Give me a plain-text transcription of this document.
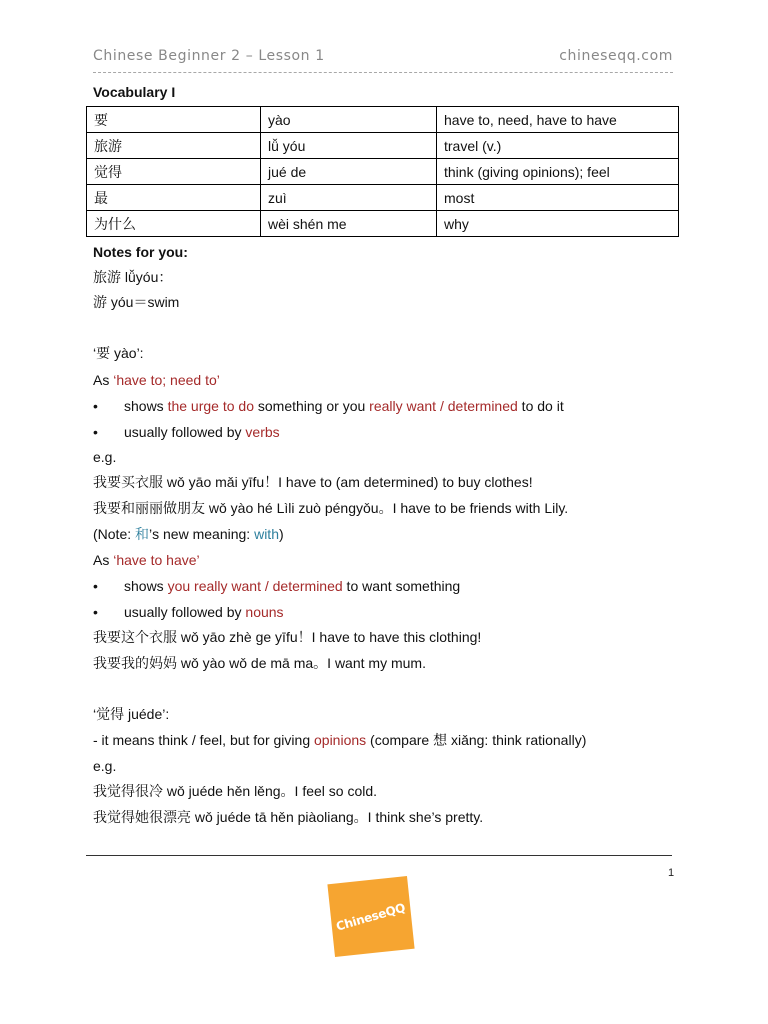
Chinese Beginner 2 – Lesson 1	chineseqq.com
Vocabulary I
要	yào	have to, need, have to have
旅游	lǚ yóu	travel (v.)
觉得	jué de	think (giving opinions); feel
最	zuì	most
为什么	wèi shén me	why
Notes for you:
旅游 lǚyóu：
游 yóu＝swim
‘要 yào’:
As ‘have to; need to’
• shows the urge to do something or you really want / determined to do it
• usually followed by verbs
e.g.
我要买衣服 wǒ yāo mǎi yīfu！I have to (am determined) to buy clothes!
我要和丽丽做朋友 wǒ yào hé Lìli zuò péngyǒu。I have to be friends with Lily.
(Note: 和’s new meaning: with)
As ‘have to have’
• shows you really want / determined to want something
• usually followed by nouns
我要这个衣服 wǒ yāo zhè ge yīfu！I have to have this clothing!
我要我的妈妈 wǒ yào wǒ de mā ma。I want my mum.
‘觉得 juéde’:
- it means think / feel, but for giving opinions (compare 想 xiǎng: think rationally)
e.g.
我觉得很冷 wǒ juéde hěn lěng。I feel so cold.
我觉得她很漂亮 wǒ juéde tā hěn piàoliang。I think she’s pretty.
1
ChineseQQ
